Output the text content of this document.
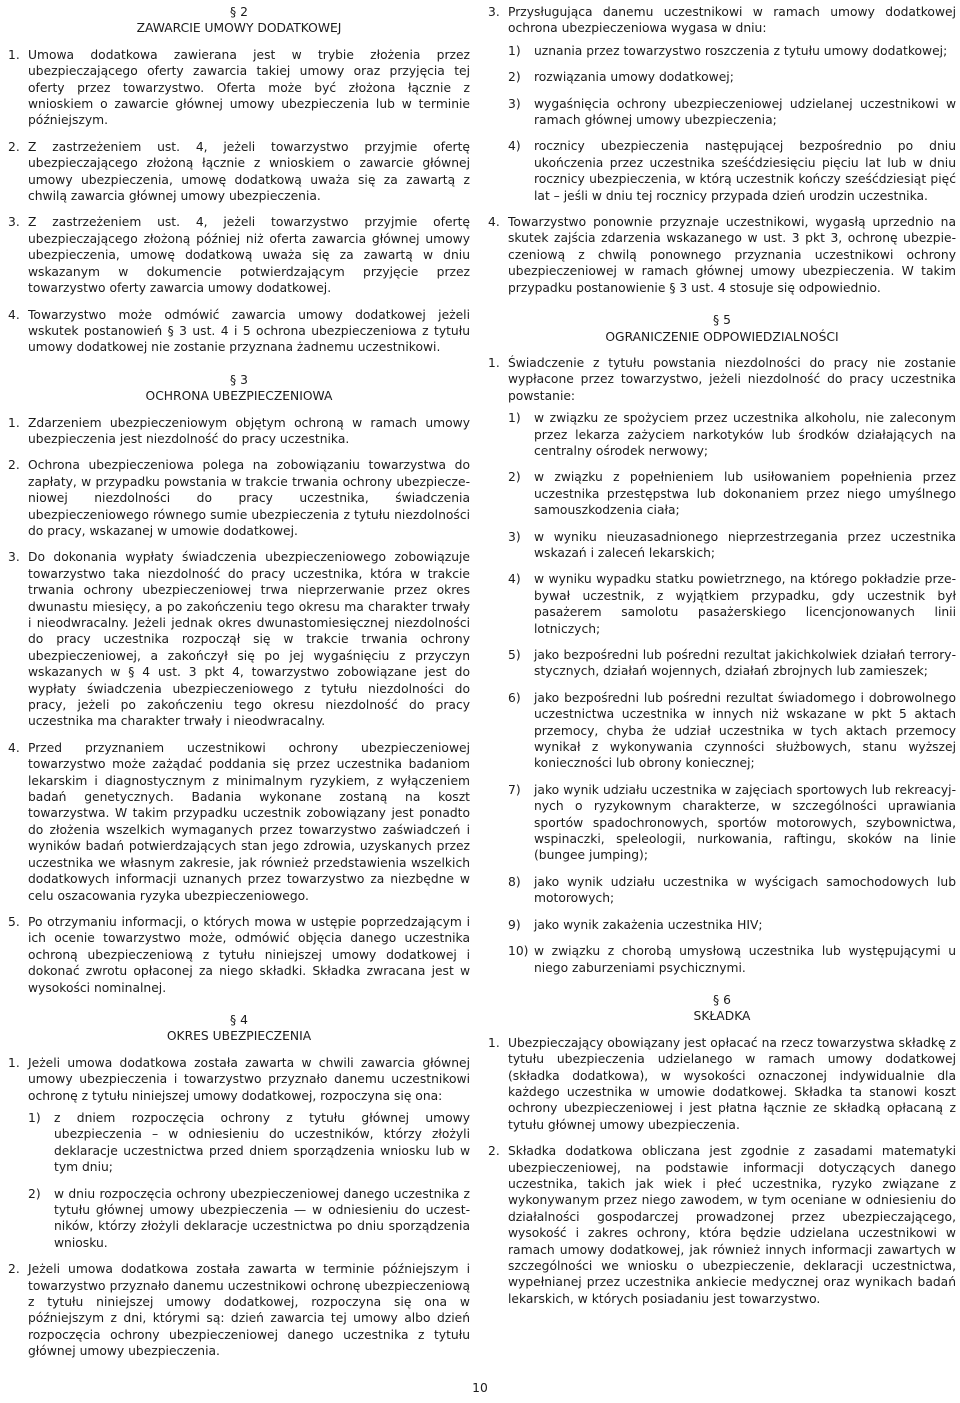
§ 2
ZAWARCIE UMOWY DODATKOWEJ
1. Umowa dodatkowa zawierana jest w trybie złożenia przez ubezpieczającego oferty zawarcia takiej umowy oraz przyjęcia tej oferty przez towarzystwo. Oferta może być złożona łącznie z wnioskiem o zawarcie głównej umowy ubezpieczenia lub w terminie późniejszym.
2. Z zastrzeżeniem ust. 4, jeżeli towarzystwo przyjmie ofertę ubezpieczającego złożoną łącznie z wnioskiem o zawarcie głównej umowy ubezpieczenia, umowę dodatkową uważa się za zawartą z chwilą zawarcia głównej umowy ubezpieczenia.
3. Z zastrzeżeniem ust. 4, jeżeli towarzystwo przyjmie ofertę ubezpieczającego złożoną później niż oferta zawarcia głównej umowy ubezpieczenia, umowę dodatkową uważa się za zawartą w dniu wskazanym w dokumencie potwierdzającym przyjęcie przez towarzystwo oferty zawarcia umowy dodatkowej.
4. Towarzystwo może odmówić zawarcia umowy dodatkowej jeżeli wskutek postanowień § 3 ust. 4 i 5 ochrona ubezpieczeniowa z tytułu umowy dodatkowej nie zostanie przyznana żadnemu uczestnikowi.
§ 3
OCHRONA UBEZPIECZENIOWA
1. Zdarzeniem ubezpieczeniowym objętym ochroną w ramach umowy ubezpieczenia jest niezdolność do pracy uczestnika.
2. Ochrona ubezpieczeniowa polega na zobowiązaniu towarzystwa do zapłaty, w przypadku powstania w trakcie trwania ochrony ubezpieczeniowej niezdolności do pracy uczestnika, świadczenia ubezpieczeniowego równego sumie ubezpieczenia z tytułu niezdolności do pracy, wskazanej w umowie dodatkowej.
3. Do dokonania wypłaty świadczenia ubezpieczeniowego zobowiązuje towarzystwo taka niezdolność do pracy uczestnika, która w trakcie trwania ochrony ubezpieczeniowej trwa nieprzerwanie przez okres dwunastu miesięcy, a po zakończeniu tego okresu ma charakter trwały i nieodwracalny. Jeżeli jednak okres dwunastomiesięcznej niezdolności do pracy uczestnika rozpoczął się w trakcie trwania ochrony ubezpieczeniowej, a zakończył się po jej wygaśnięciu z przyczyn wskazanych w § 4 ust. 3 pkt 4, towarzystwo zobowiązane jest do wypłaty świadczenia ubezpieczeniowego z tytułu niezdolności do pracy, jeżeli po zakończeniu tego okresu niezdolność do pracy uczestnika ma charakter trwały i nieodwracalny.
4. Przed przyznaniem uczestnikowi ochrony ubezpieczeniowej towarzystwo może zażądać poddania się przez uczestnika badaniom lekarskim i diagnostycznym z minimalnym ryzykiem, z wyłączeniem badań genetycznych. Badania wykonane zostaną na koszt towarzystwa. W takim przypadku uczestnik zobowiązany jest ponadto do złożenia wszelkich wymaganych przez towarzystwo zaświadczeń i wyników badań potwierdzających stan jego zdrowia, uzyskanych przez uczestnika we własnym zakresie, jak również przedstawienia wszelkich dodatkowych informacji uznanych przez towarzystwo za niezbędne w celu oszacowania ryzyka ubezpieczeniowego.
5. Po otrzymaniu informacji, o których mowa w ustępie poprzedzającym i ich ocenie towarzystwo może, odmówić objęcia danego uczestnika ochroną ubezpieczeniową z tytułu niniejszej umowy dodatkowej i dokonać zwrotu opłaconej za niego składki. Składka zwracana jest w wysokości nominalnej.
§ 4
OKRES UBEZPIECZENIA
1. Jeżeli umowa dodatkowa została zawarta w chwili zawarcia głównej umowy ubezpieczenia i towarzystwo przyznało danemu uczestnikowi ochronę z tytułu niniejszej umowy dodatkowej, rozpoczyna się ona:
1) z dniem rozpoczęcia ochrony z tytułu głównej umowy ubezpieczenia – w odniesieniu do uczestników, którzy złożyli deklaracje uczestnictwa przed dniem sporządzenia wniosku lub w tym dniu;
2) w dniu rozpoczęcia ochrony ubezpieczeniowej danego uczestnika z tytułu głównej umowy ubezpieczenia — w odniesieniu do uczestników, którzy złożyli deklaracje uczestnictwa po dniu sporządzenia wniosku.
2. Jeżeli umowa dodatkowa została zawarta w terminie późniejszym i towarzystwo przyznało danemu uczestnikowi ochronę ubezpieczeniową z tytułu niniejszej umowy dodatkowej, rozpoczyna się ona w późniejszym z dni, którymi są: dzień zawarcia tej umowy albo dzień rozpoczęcia ochrony ubezpieczeniowej danego uczestnika z tytułu głównej umowy ubezpieczenia.
3. Przysługująca danemu uczestnikowi w ramach umowy dodatkowej ochrona ubezpieczeniowa wygasa w dniu:
1) uznania przez towarzystwo roszczenia z tytułu umowy dodatkowej;
2) rozwiązania umowy dodatkowej;
3) wygaśnięcia ochrony ubezpieczeniowej udzielanej uczestnikowi w ramach głównej umowy ubezpieczenia;
4) rocznicy ubezpieczenia następującej bezpośrednio po dniu ukończenia przez uczestnika sześćdziesięciu pięciu lat lub w dniu rocznicy ubezpieczenia, w którą uczestnik kończy sześćdziesiąt pięć lat – jeśli w dniu tej rocznicy przypada dzień urodzin uczestnika.
4. Towarzystwo ponownie przyznaje uczestnikowi, wygasłą uprzednio na skutek zajścia zdarzenia wskazanego w ust. 3 pkt 3, ochronę ubezpieczeniową z chwilą ponownego przyznania uczestnikowi ochrony ubezpieczeniowej w ramach głównej umowy ubezpieczenia. W takim przypadku postanowienie § 3 ust. 4 stosuje się odpowiednio.
§ 5
OGRANICZENIE ODPOWIEDZIALNOŚCI
1. Świadczenie z tytułu powstania niezdolności do pracy nie zostanie wypłacone przez towarzystwo, jeżeli niezdolność do pracy uczestnika powstanie:
1) w związku ze spożyciem przez uczestnika alkoholu, nie zaleconym przez lekarza zażyciem narkotyków lub środków działających na centralny ośrodek nerwowy;
2) w związku z popełnieniem lub usiłowaniem popełnienia przez uczestnika przestępstwa lub dokonaniem przez niego umyślnego samouszkodzenia ciała;
3) w wyniku nieuzasadnionego nieprzestrzegania przez uczestnika wskazań i zaleceń lekarskich;
4) w wyniku wypadku statku powietrznego, na którego pokładzie przebywał uczestnik, z wyjątkiem przypadku, gdy uczestnik był pasażerem samolotu pasażerskiego licencjonowanych linii lotniczych;
5) jako bezpośredni lub pośredni rezultat jakichkolwiek działań terrorystycznych, działań wojennych, działań zbrojnych lub zamieszek;
6) jako bezpośredni lub pośredni rezultat świadomego i dobrowolnego uczestnictwa uczestnika w innych niż wskazane w pkt 5 aktach przemocy, chyba że udział uczestnika w tych aktach przemocy wynikał z wykonywania czynności służbowych, stanu wyższej konieczności lub obrony koniecznej;
7) jako wynik udziału uczestnika w zajęciach sportowych lub rekreacyjnych o ryzykownym charakterze, w szczególności uprawiania sportów spadochronowych, sportów motorowych, szybownictwa, wspinaczki, speleologii, nurkowania, raftingu, skoków na linie (bungee jumping);
8) jako wynik udziału uczestnika w wyścigach samochodowych lub motorowych;
9) jako wynik zakażenia uczestnika HIV;
10) w związku z chorobą umysłową uczestnika lub występującymi u niego zaburzeniami psychicznymi.
§ 6
SKŁADKA
1. Ubezpieczający obowiązany jest opłacać na rzecz towarzystwa składkę z tytułu ubezpieczenia udzielanego w ramach umowy dodatkowej (składka dodatkowa), w wysokości oznaczonej indywidualnie dla każdego uczestnika w umowie dodatkowej. Składka ta stanowi koszt ochrony ubezpieczeniowej i jest płatna łącznie ze składką opłacaną z tytułu głównej umowy ubezpieczenia.
2. Składka dodatkowa obliczana jest zgodnie z zasadami matematyki ubezpieczeniowej, na podstawie informacji dotyczących danego uczestnika, takich jak wiek i płeć uczestnika, ryzyko związane z wykonywanym przez niego zawodem, w tym oceniane w odniesieniu do działalności gospodarczej prowadzonej przez ubezpieczającego, wysokość i zakres ochrony, która będzie udzielana uczestnikowi w ramach umowy dodatkowej, jak również innych informacji zawartych w szczególności we wniosku o ubezpieczenie, deklaracji uczestnictwa, wypełnianej przez uczestnika ankiecie medycznej oraz wynikach badań lekarskich, w których posiadaniu jest towarzystwo.
10
